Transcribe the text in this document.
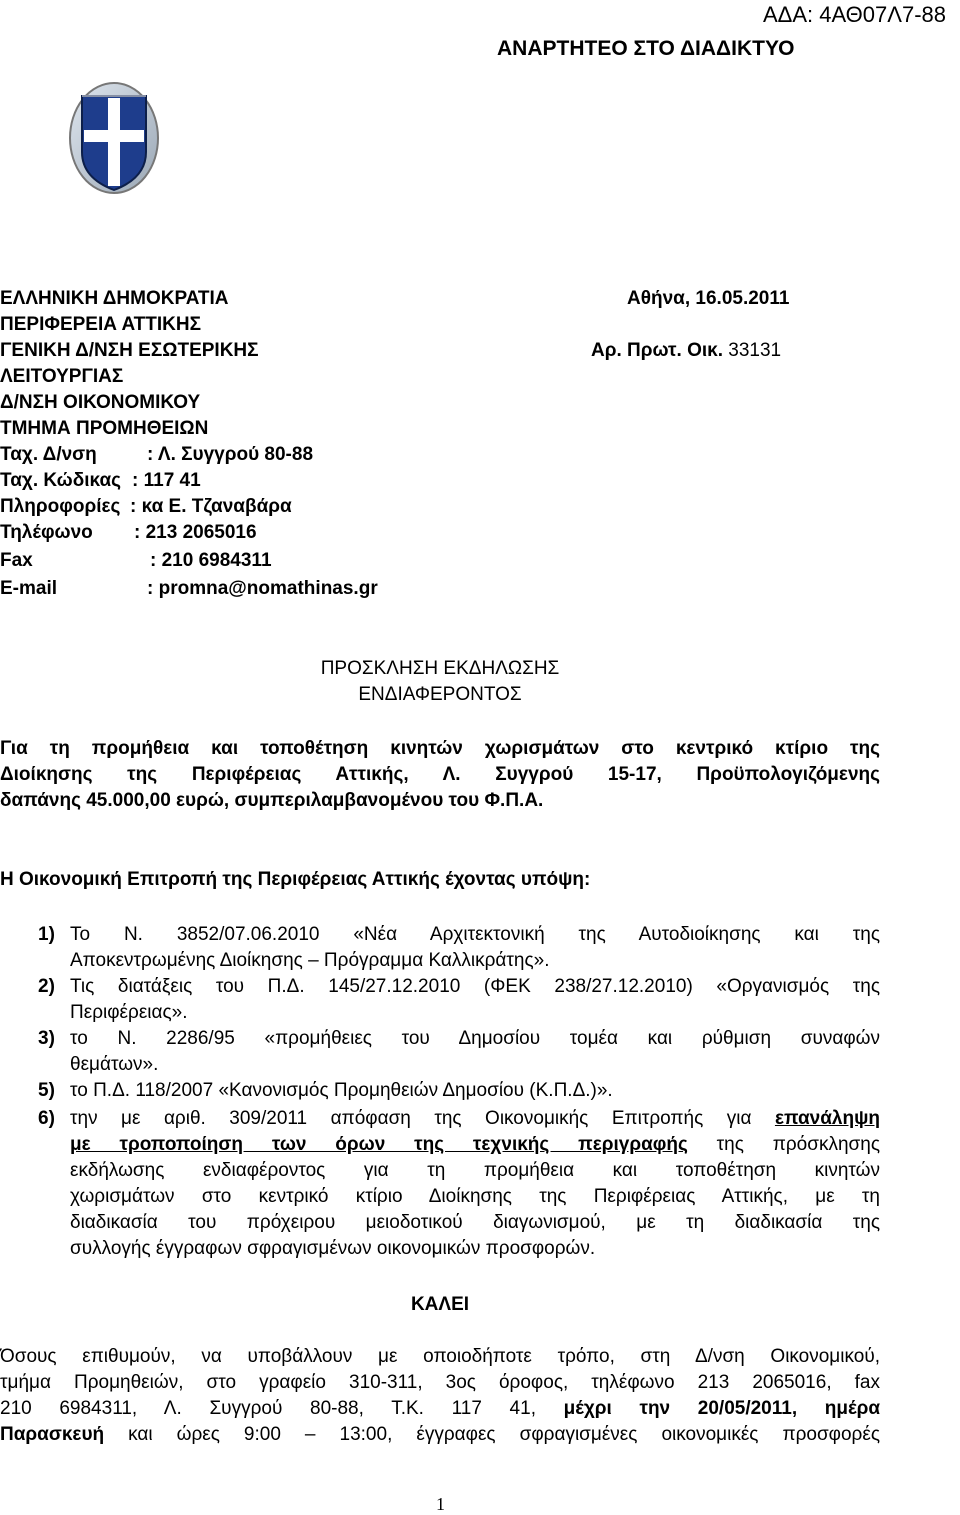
ΑΔΑ: 4ΑΘ07Λ7-88
ΑΝΑΡΤΗΤΕΟ ΣΤΟ ΔΙΑΔΙΚΤΥΟ
ΕΛΛΗΝΙΚΗ ΔΗΜΟΚΡΑΤΙΑ
ΠΕΡΙΦΕΡΕΙΑ ΑΤΤΙΚΗΣ
ΓΕΝΙΚΗ Δ/ΝΣΗ ΕΣΩΤΕΡΙΚΗΣ
ΛΕΙΤΟΥΡΓΙΑΣ
Δ/ΝΣΗ ΟΙΚΟΝΟΜΙΚΟΥ
ΤΜΗΜΑ ΠΡΟΜΗΘΕΙΩΝ
Αθήνα, 16.05.2011
Αρ. Πρωτ. Οικ. 33131
Ταχ. Δ/νση	: Λ. Συγγρού 80-88
Ταχ. Κώδικας : 117 41
Πληροφορίες : κα Ε. Τζαναβάρα
Τηλέφωνο : 213 2065016
Fax	: 210 6984311
E-mail	: promna@nomathinas.gr
ΠΡΟΣΚΛΗΣΗ ΕΚΔΗΛΩΣΗΣ
ΕΝΔΙΑΦΕΡΟΝΤΟΣ
Για τη προμήθεια και τοποθέτηση κινητών χωρισμάτων στο κεντρικό κτίριο της
Διοίκησης της Περιφέρειας Αττικής, Λ. Συγγρού 15-17, Προϋπολογιζόμενης
δαπάνης 45.000,00 ευρώ, συμπεριλαμβανομένου του Φ.Π.Α.
Η Οικονομική Επιτροπή της Περιφέρειας Αττικής έχοντας υπόψη:
1) Το Ν. 3852/07.06.2010 «Νέα Αρχιτεκτονική της Αυτοδιοίκησης και της
Αποκεντρωμένης Διοίκησης – Πρόγραμμα Καλλικράτης».
2) Τις διατάξεις του Π.Δ. 145/27.12.2010 (ΦΕΚ 238/27.12.2010) «Οργανισμός της
Περιφέρειας».
3) το Ν. 2286/95 «προμήθειες του Δημοσίου τομέα και ρύθμιση συναφών
θεμάτων».
5) το Π.Δ. 118/2007 «Κανονισμός Προμηθειών Δημοσίου (Κ.Π.Δ.)».
6) την με αριθ. 309/2011 απόφαση της Οικονομικής Επιτροπής για επανάληψη
με τροποποίηση των όρων της τεχνικής περιγραφής της πρόσκλησης
εκδήλωσης ενδιαφέροντος για τη προμήθεια και τοποθέτηση κινητών
χωρισμάτων στο κεντρικό κτίριο Διοίκησης της Περιφέρειας Αττικής, με τη
διαδικασία του πρόχειρου μειοδοτικού διαγωνισμού, με τη διαδικασία της
συλλογής έγγραφων σφραγισμένων οικονομικών προσφορών.
ΚΑΛΕΙ
Όσους επιθυμούν, να υποβάλλουν με οποιοδήποτε τρόπο, στη Δ/νση Οικονομικού,
τμήμα Προμηθειών, στο γραφείο 310-311, 3ος όροφος, τηλέφωνο 213 2065016, fax
210 6984311, Λ. Συγγρού 80-88, Τ.Κ. 117 41, μέχρι την 20/05/2011, ημέρα
Παρασκευή και ώρες 9:00 – 13:00, έγγραφες σφραγισμένες οικονομικές προσφορές
1
